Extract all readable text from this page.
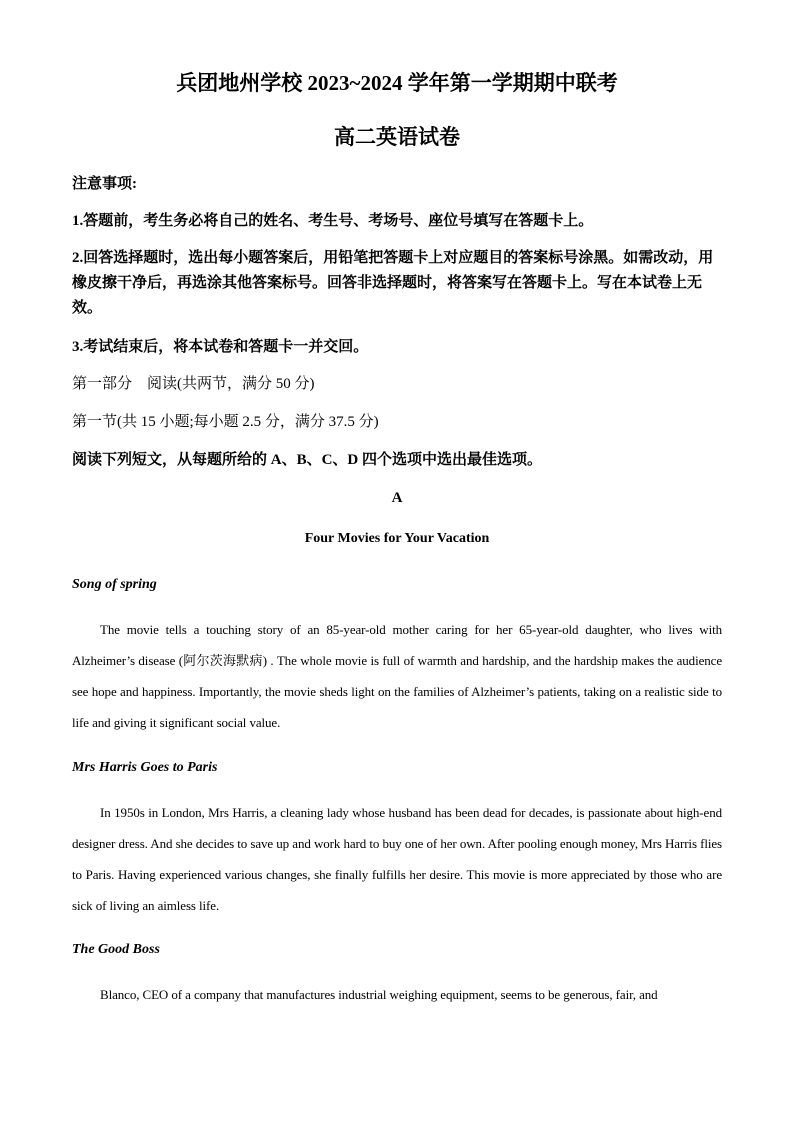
兵团地州学校 2023~2024 学年第一学期期中联考
高二英语试卷
注意事项:
1.答题前，考生务必将自己的姓名、考生号、考场号、座位号填写在答题卡上。
2.回答选择题时，选出每小题答案后，用铅笔把答题卡上对应题目的答案标号涂黑。如需改动，用橡皮擦干净后，再选涂其他答案标号。回答非选择题时，将答案写在答题卡上。写在本试卷上无效。
3.考试结束后，将本试卷和答题卡一并交回。
第一部分　阅读(共两节，满分 50 分)
第一节(共 15 小题;每小题 2.5 分，满分 37.5 分)
阅读下列短文，从每题所给的 A、B、C、D 四个选项中选出最佳选项。
A
Four Movies for Your Vacation
Song of spring
The movie tells a touching story of an 85-year-old mother caring for her 65-year-old daughter, who lives with Alzheimer’s disease (阿尔茨海默病) . The whole movie is full of warmth and hardship, and the hardship makes the audience see hope and happiness. Importantly, the movie sheds light on the families of Alzheimer’s patients, taking on a realistic side to life and giving it significant social value.
Mrs Harris Goes to Paris
In 1950s in London, Mrs Harris, a cleaning lady whose husband has been dead for decades, is passionate about high-end designer dress. And she decides to save up and work hard to buy one of her own. After pooling enough money, Mrs Harris flies to Paris. Having experienced various changes, she finally fulfills her desire. This movie is more appreciated by those who are sick of living an aimless life.
The Good Boss
Blanco, CEO of a company that manufactures industrial weighing equipment, seems to be generous, fair, and
